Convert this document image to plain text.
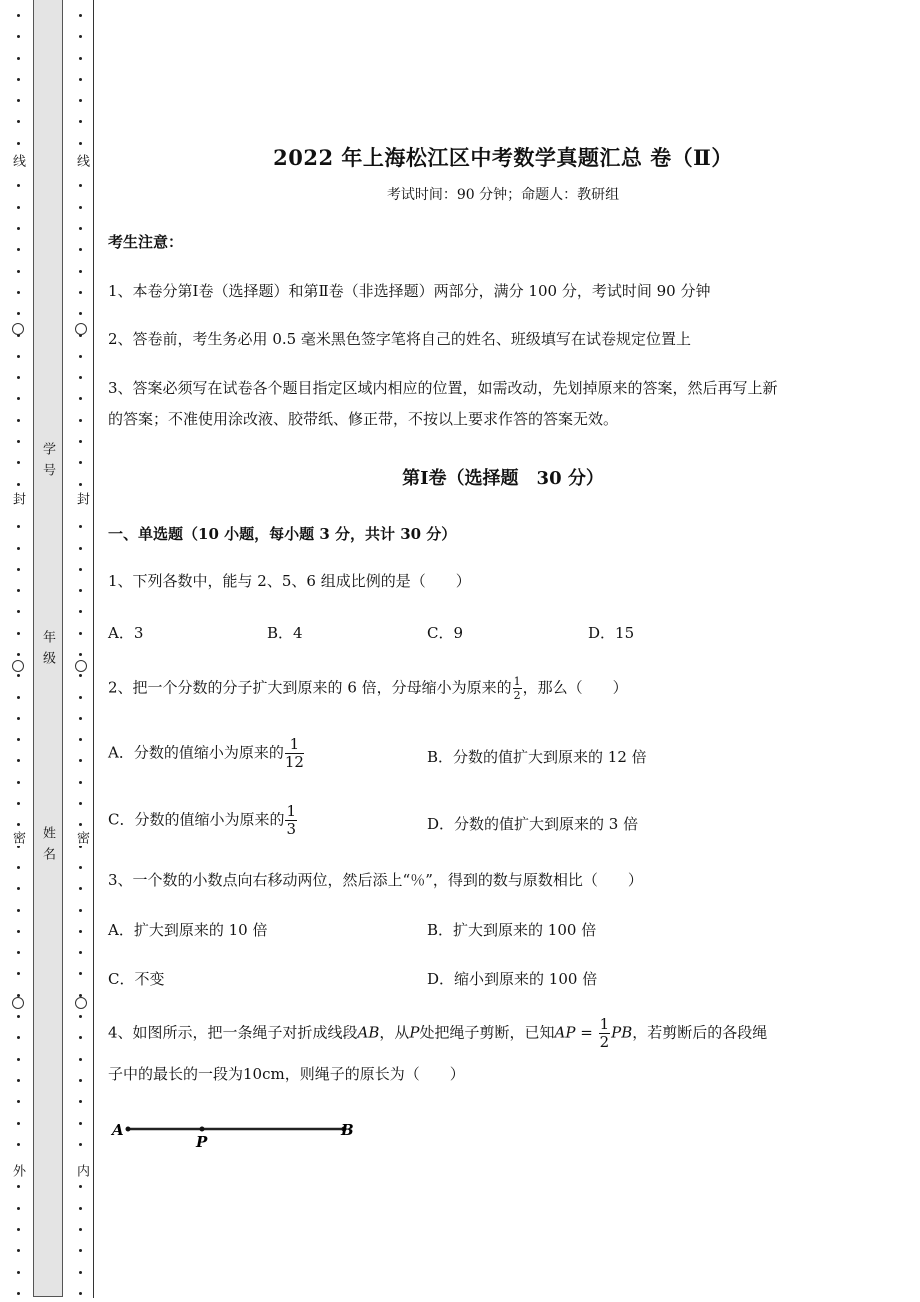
线
封
密
外
学号
年级
姓名
线
封
密
内
2022 年上海松江区中考数学真题汇总 卷（Ⅱ）
考试时间：90 分钟；命题人：教研组
考生注意：
1、本卷分第Ⅰ卷（选择题）和第Ⅱ卷（非选择题）两部分，满分 100 分，考试时间 90 分钟
2、答卷前，考生务必用 0.5 毫米黑色签字笔将自己的姓名、班级填写在试卷规定位置上
3、答案必须写在试卷各个题目指定区域内相应的位置，如需改动，先划掉原来的答案，然后再写上新
的答案；不准使用涂改液、胶带纸、修正带，不按以上要求作答的答案无效。
第Ⅰ卷（选择题　30 分）
一、单选题（10 小题，每小题 3 分，共计 30 分）
1、下列各数中，能与 2、5、6 组成比例的是（　　）
A．3	B．4	C．9	D．15
2、把一个分数的分子扩大到原来的 6 倍，分母缩小为原来的 $\frac{1}{2}$ ，那么（　　）
A．分数的值缩小为原来的 $\frac{1}{12}$	B．分数的值扩大到原来的 12 倍
C．分数的值缩小为原来的 $\frac{1}{3}$	D．分数的值扩大到原来的 3 倍
3、一个数的小数点向右移动两位，然后添上“％”，得到的数与原数相比（　　）
A．扩大到原来的 10 倍	B．扩大到原来的 100 倍
C．不变	D．缩小到原来的 100 倍
4、如图所示，把一条绳子对折成线段AB，从P处把绳子剪断，已知AP = $\frac{1}{2}$ PB，若剪断后的各段绳
子中的最长的一段为10cm，则绳子的原长为（　　）
A
P
B
